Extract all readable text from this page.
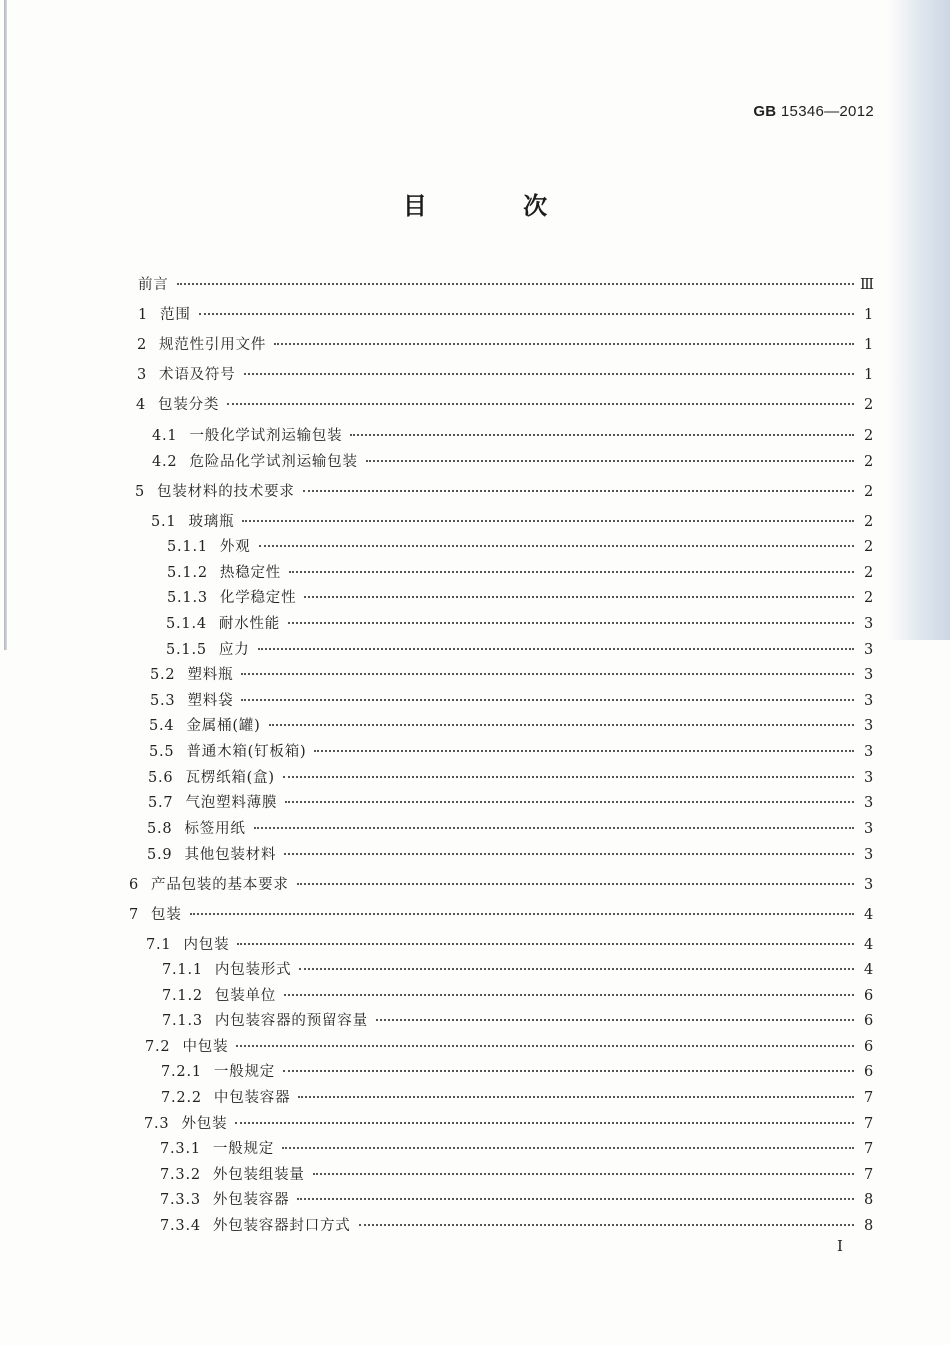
GB 15346—2012
目 次
前言	Ⅲ
1 范围	1
2 规范性引用文件	1
3 术语及符号	1
4 包装分类	2
4.1 一般化学试剂运输包装	2
4.2 危险品化学试剂运输包装	2
5 包装材料的技术要求	2
5.1 玻璃瓶	2
5.1.1 外观	2
5.1.2 热稳定性	2
5.1.3 化学稳定性	2
5.1.4 耐水性能	3
5.1.5 应力	3
5.2 塑料瓶	3
5.3 塑料袋	3
5.4 金属桶(罐)	3
5.5 普通木箱(钉板箱)	3
5.6 瓦楞纸箱(盒)	3
5.7 气泡塑料薄膜	3
5.8 标签用纸	3
5.9 其他包装材料	3
6 产品包装的基本要求	3
7 包装	4
7.1 内包装	4
7.1.1 内包装形式	4
7.1.2 包装单位	6
7.1.3 内包装容器的预留容量	6
7.2 中包装	6
7.2.1 一般规定	6
7.2.2 中包装容器	7
7.3 外包装	7
7.3.1 一般规定	7
7.3.2 外包装组装量	7
7.3.3 外包装容器	8
7.3.4 外包装容器封口方式	8
I
